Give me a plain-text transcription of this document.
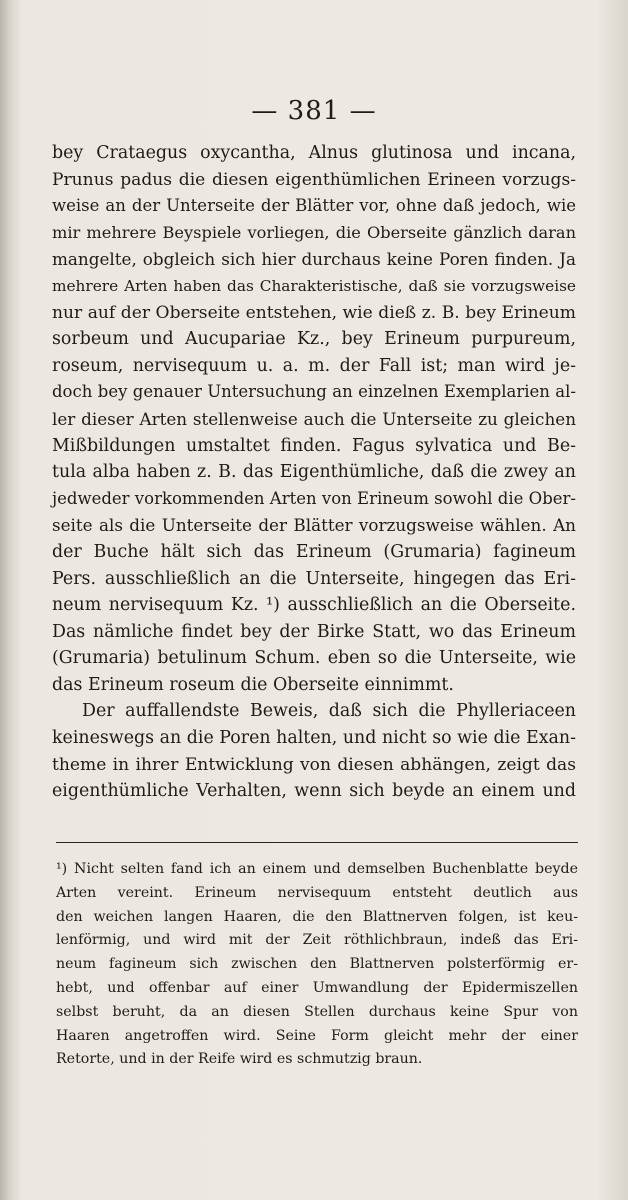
— 381 —
bey Crataegus oxycantha, Alnus glutinosa und incana,
Prunus padus die diesen eigenthümlichen Erineen vorzugs-
weise an der Unterseite der Blätter vor, ohne daß jedoch, wie
mir mehrere Beyspiele vorliegen, die Oberseite gänzlich daran
mangelte, obgleich sich hier durchaus keine Poren finden. Ja
mehrere Arten haben das Charakteristische, daß sie vorzugsweise
nur auf der Oberseite entstehen, wie dieß z. B. bey Erineum
sorbeum und Aucupariae Kz., bey Erineum purpureum,
roseum, nervisequum u. a. m. der Fall ist; man wird je-
doch bey genauer Untersuchung an einzelnen Exemplarien al-
ler dieser Arten stellenweise auch die Unterseite zu gleichen
Mißbildungen umstaltet finden. Fagus sylvatica und Be-
tula alba haben z. B. das Eigenthümliche, daß die zwey an
jedweder vorkommenden Arten von Erineum sowohl die Ober-
seite als die Unterseite der Blätter vorzugsweise wählen. An
der Buche hält sich das Erineum (Grumaria) fagineum
Pers. ausschließlich an die Unterseite, hingegen das Eri-
neum nervisequum Kz. ¹) ausschließlich an die Oberseite.
Das nämliche findet bey der Birke Statt, wo das Erineum
(Grumaria) betulinum Schum. eben so die Unterseite, wie
das Erineum roseum die Oberseite einnimmt.
Der auffallendste Beweis, daß sich die Phylleriaceen
keineswegs an die Poren halten, und nicht so wie die Exan-
theme in ihrer Entwicklung von diesen abhängen, zeigt das
eigenthümliche Verhalten, wenn sich beyde an einem und
¹) Nicht selten fand ich an einem und demselben Buchenblatte beyde
Arten vereint. Erineum nervisequum entsteht deutlich aus
den weichen langen Haaren, die den Blattnerven folgen, ist keu-
lenförmig, und wird mit der Zeit röthlichbraun, indeß das Eri-
neum fagineum sich zwischen den Blattnerven polsterförmig er-
hebt, und offenbar auf einer Umwandlung der Epidermiszellen
selbst beruht, da an diesen Stellen durchaus keine Spur von
Haaren angetroffen wird. Seine Form gleicht mehr der einer
Retorte, und in der Reife wird es schmutzig braun.
